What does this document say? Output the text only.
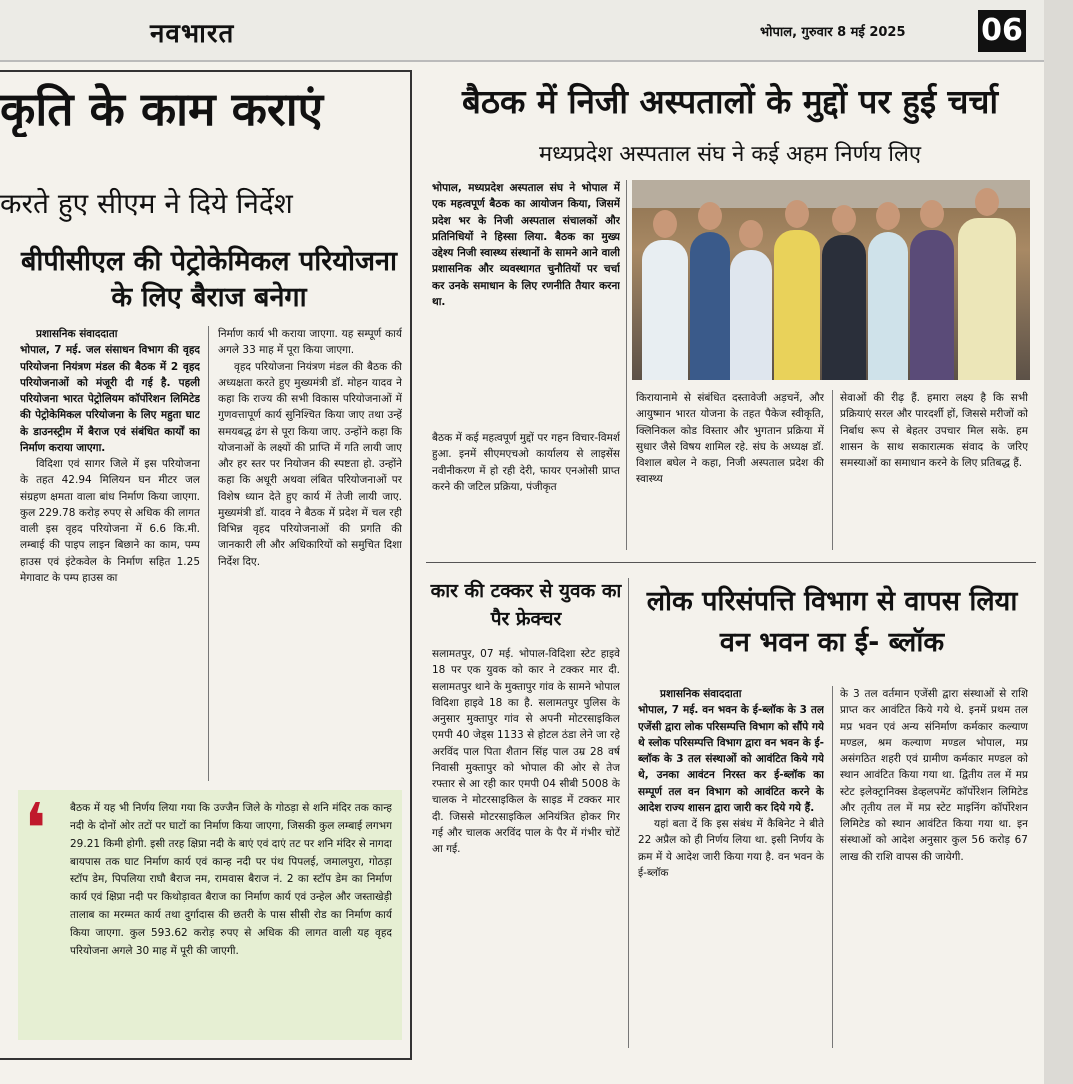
नवभारत	भोपाल, गुरुवार 8 मई 2025	06
कृति के काम कराएं
करते हुए सीएम ने दिये निर्देश
बीपीसीएल की पेट्रोकेमिकल परियोजना के लिए बैराज बनेगा
प्रशासनिक संवाददाता
भोपाल, 7 मई. जल संसाधन विभाग की वृहद परियोजना नियंत्रण मंडल की बैठक में 2 वृहद परियोजनाओं को मंजूरी दी गई है. पहली परियोजना भारत पेट्रोलियम कॉर्पोरेशन लिमिटेड की पेट्रोकेमिकल परियोजना के लिए महुता घाट के डाउनस्ट्रीम में बैराज एवं संबंधित कार्यों का निर्माण कराया जाएगा.
विदिशा एवं सागर जिले में इस परियोजना के तहत 42.94 मिलियन घन मीटर जल संग्रहण क्षमता वाला बांध निर्माण किया जाएगा. कुल 229.78 करोड़ रुपए से अधिक की लागत वाली इस वृहद परियोजना में 6.6 कि.मी. लम्बाई की पाइप लाइन बिछाने का काम, पम्प हाउस एवं इंटेकवेल के निर्माण सहित 1.25 मेगावाट के पम्प हाउस का
निर्माण कार्य भी कराया जाएगा. यह सम्पूर्ण कार्य अगले 33 माह में पूरा किया जाएगा.
वृहद परियोजना नियंत्रण मंडल की बैठक की अध्यक्षता करते हुए मुख्यमंत्री डॉ. मोहन यादव ने कहा कि राज्य की सभी विकास परियोजनाओं में गुणवत्तापूर्ण कार्य सुनिश्चित किया जाए तथा उन्हें समयबद्ध ढंग से पूरा किया जाए. उन्होंने कहा कि योजनाओं के लक्ष्यों की प्राप्ति में गति लायी जाए और हर स्तर पर नियोजन की स्पष्टता हो. उन्होंने कहा कि अधूरी अथवा लंबित परियोजनाओं पर विशेष ध्यान देते हुए कार्य में तेजी लायी जाए. मुख्यमंत्री डॉ. यादव ने बैठक में प्रदेश में चल रही विभिन्न वृहद परियोजनाओं की प्रगति की जानकारी ली और अधिकारियों को समुचित दिशा निर्देश दिए.
बैठक में यह भी निर्णय लिया गया कि उज्जैन जिले के गोठड़ा से शनि मंदिर तक कान्ह नदी के दोनों ओर तटों पर घाटों का निर्माण किया जाएगा, जिसकी कुल लम्बाई लगभग 29.21 किमी होगी. इसी तरह क्षिप्रा नदी के बाएं एवं दाएं तट पर शनि मंदिर से नागदा बायपास तक घाट निर्माण कार्य एवं कान्ह नदी पर पंथ पिपलई, जमालपुरा, गोठड़ा स्टॉप डेम, पिपलिया राघौ बैराज नम, रामवास बैराज नं. 2 का स्टॉप डेम का निर्माण कार्य एवं क्षिप्रा नदी पर किथोड़ावत बैराज का निर्माण कार्य एवं उन्हेल और जस्ताखेड़ी तालाब का मरम्मत कार्य तथा दुर्गादास की छतरी के पास सीसी रोड का निर्माण कार्य किया जाएगा. कुल 593.62 करोड़ रुपए से अधिक की लागत वाली यह वृहद परियोजना अगले 30 माह में पूरी की जाएगी.
❛
बैठक में निजी अस्पतालों के मुद्दों पर हुई चर्चा
मध्यप्रदेश अस्पताल संघ ने कई अहम निर्णय लिए
भोपाल, मध्यप्रदेश अस्पताल संघ ने भोपाल में एक महत्वपूर्ण बैठक का आयोजन किया, जिसमें प्रदेश भर के निजी अस्पताल संचालकों और प्रतिनिधियों ने हिस्सा लिया. बैठक का मुख्य उद्देश्य निजी स्वास्थ्य संस्थानों के सामने आने वाली प्रशासनिक और व्यवस्थागत चुनौतियों पर चर्चा कर उनके समाधान के लिए रणनीति तैयार करना था.
बैठक में कई महत्वपूर्ण मुद्दों पर गहन विचार-विमर्श हुआ. इनमें सीएमएचओ कार्यालय से लाइसेंस नवीनीकरण में हो रही देरी, फायर एनओसी प्राप्त करने की जटिल प्रक्रिया, पंजीकृत
किरायानामे से संबंधित दस्तावेजी अड़चनें, और आयुष्मान भारत योजना के तहत पैकेज स्वीकृति, क्लिनिकल कोड विस्तार और भुगतान प्रक्रिया में सुधार जैसे विषय शामिल रहे. संघ के अध्यक्ष डॉ. विशाल बघेल ने कहा, निजी अस्पताल प्रदेश की स्वास्थ्य
सेवाओं की रीढ़ हैं. हमारा लक्ष्य है कि सभी प्रक्रियाएं सरल और पारदर्शी हों, जिससे मरीजों को निर्बाध रूप से बेहतर उपचार मिल सके. हम शासन के साथ सकारात्मक संवाद के जरिए समस्याओं का समाधान करने के लिए प्रतिबद्ध हैं.
कार की टक्कर से युवक का पैर फ्रेक्चर
सलामतपुर, 07 मई. भोपाल-विदिशा स्टेट हाइवे 18 पर एक युवक को कार ने टक्कर मार दी. सलामतपुर थाने के मुक्तापुर गांव के सामने भोपाल विदिशा हाइवे 18 का है. सलामतपुर पुलिस के अनुसार मुक्तापुर गांव से अपनी मोटरसाइकिल एमपी 40 जेड्स 1133 से होटल ठंडा लेने जा रहे अरविंद पाल पिता शैतान सिंह पाल उम्र 28 वर्ष निवासी मुक्तापुर को भोपाल की ओर से तेज रफ्तार से आ रही कार एमपी 04 सीबी 5008 के चालक ने मोटरसाइकिल के साइड में टक्कर मार दी. जिससे मोटरसाइकिल अनियंत्रित होकर गिर गई और चालक अरविंद पाल के पैर में गंभीर चोटें आ गई.
लोक परिसंपत्ति विभाग से वापस लिया वन भवन का ई- ब्लॉक
प्रशासनिक संवाददाता
भोपाल, 7 मई. वन भवन के ई-ब्लॉक के 3 तल एजेंसी द्वारा लोक परिसम्पत्ति विभाग को सौंपे गये थे स्लोक परिसम्पत्ति विभाग द्वारा वन भवन के ई-ब्लॉक के 3 तल संस्थाओं को आवंटित किये गये थे, उनका आवंटन निरस्त कर ई-ब्लॉक का सम्पूर्ण तल वन विभाग को आवंटित करने के आदेश राज्य शासन द्वारा जारी कर दिये गये हैं.
यहां बता दें कि इस संबंध में कैबिनेट ने बीते 22 अप्रैल को ही निर्णय लिया था. इसी निर्णय के क्रम में ये आदेश जारी किया गया है. वन भवन के ई-ब्लॉक
के 3 तल वर्तमान एजेंसी द्वारा संस्थाओं से राशि प्राप्त कर आवंटित किये गये थे. इनमें प्रथम तल मप्र भवन एवं अन्य संनिर्माण कर्मकार कल्याण मण्डल, श्रम कल्याण मण्डल भोपाल, मप्र असंगठित शहरी एवं ग्रामीण कर्मकार मण्डल को स्थान आवंटित किया गया था. द्वितीय तल में मप्र स्टेट इलेक्ट्रानिक्स डेव्हलपमेंट कॉर्पोरेशन लिमिटेड और तृतीय तल में मप्र स्टेट माइनिंग कॉर्पोरेशन लिमिटेड को स्थान आवंटित किया गया था. इन संस्थाओं को आदेश अनुसार कुल 56 करोड़ 67 लाख की राशि वापस की जायेगी.
